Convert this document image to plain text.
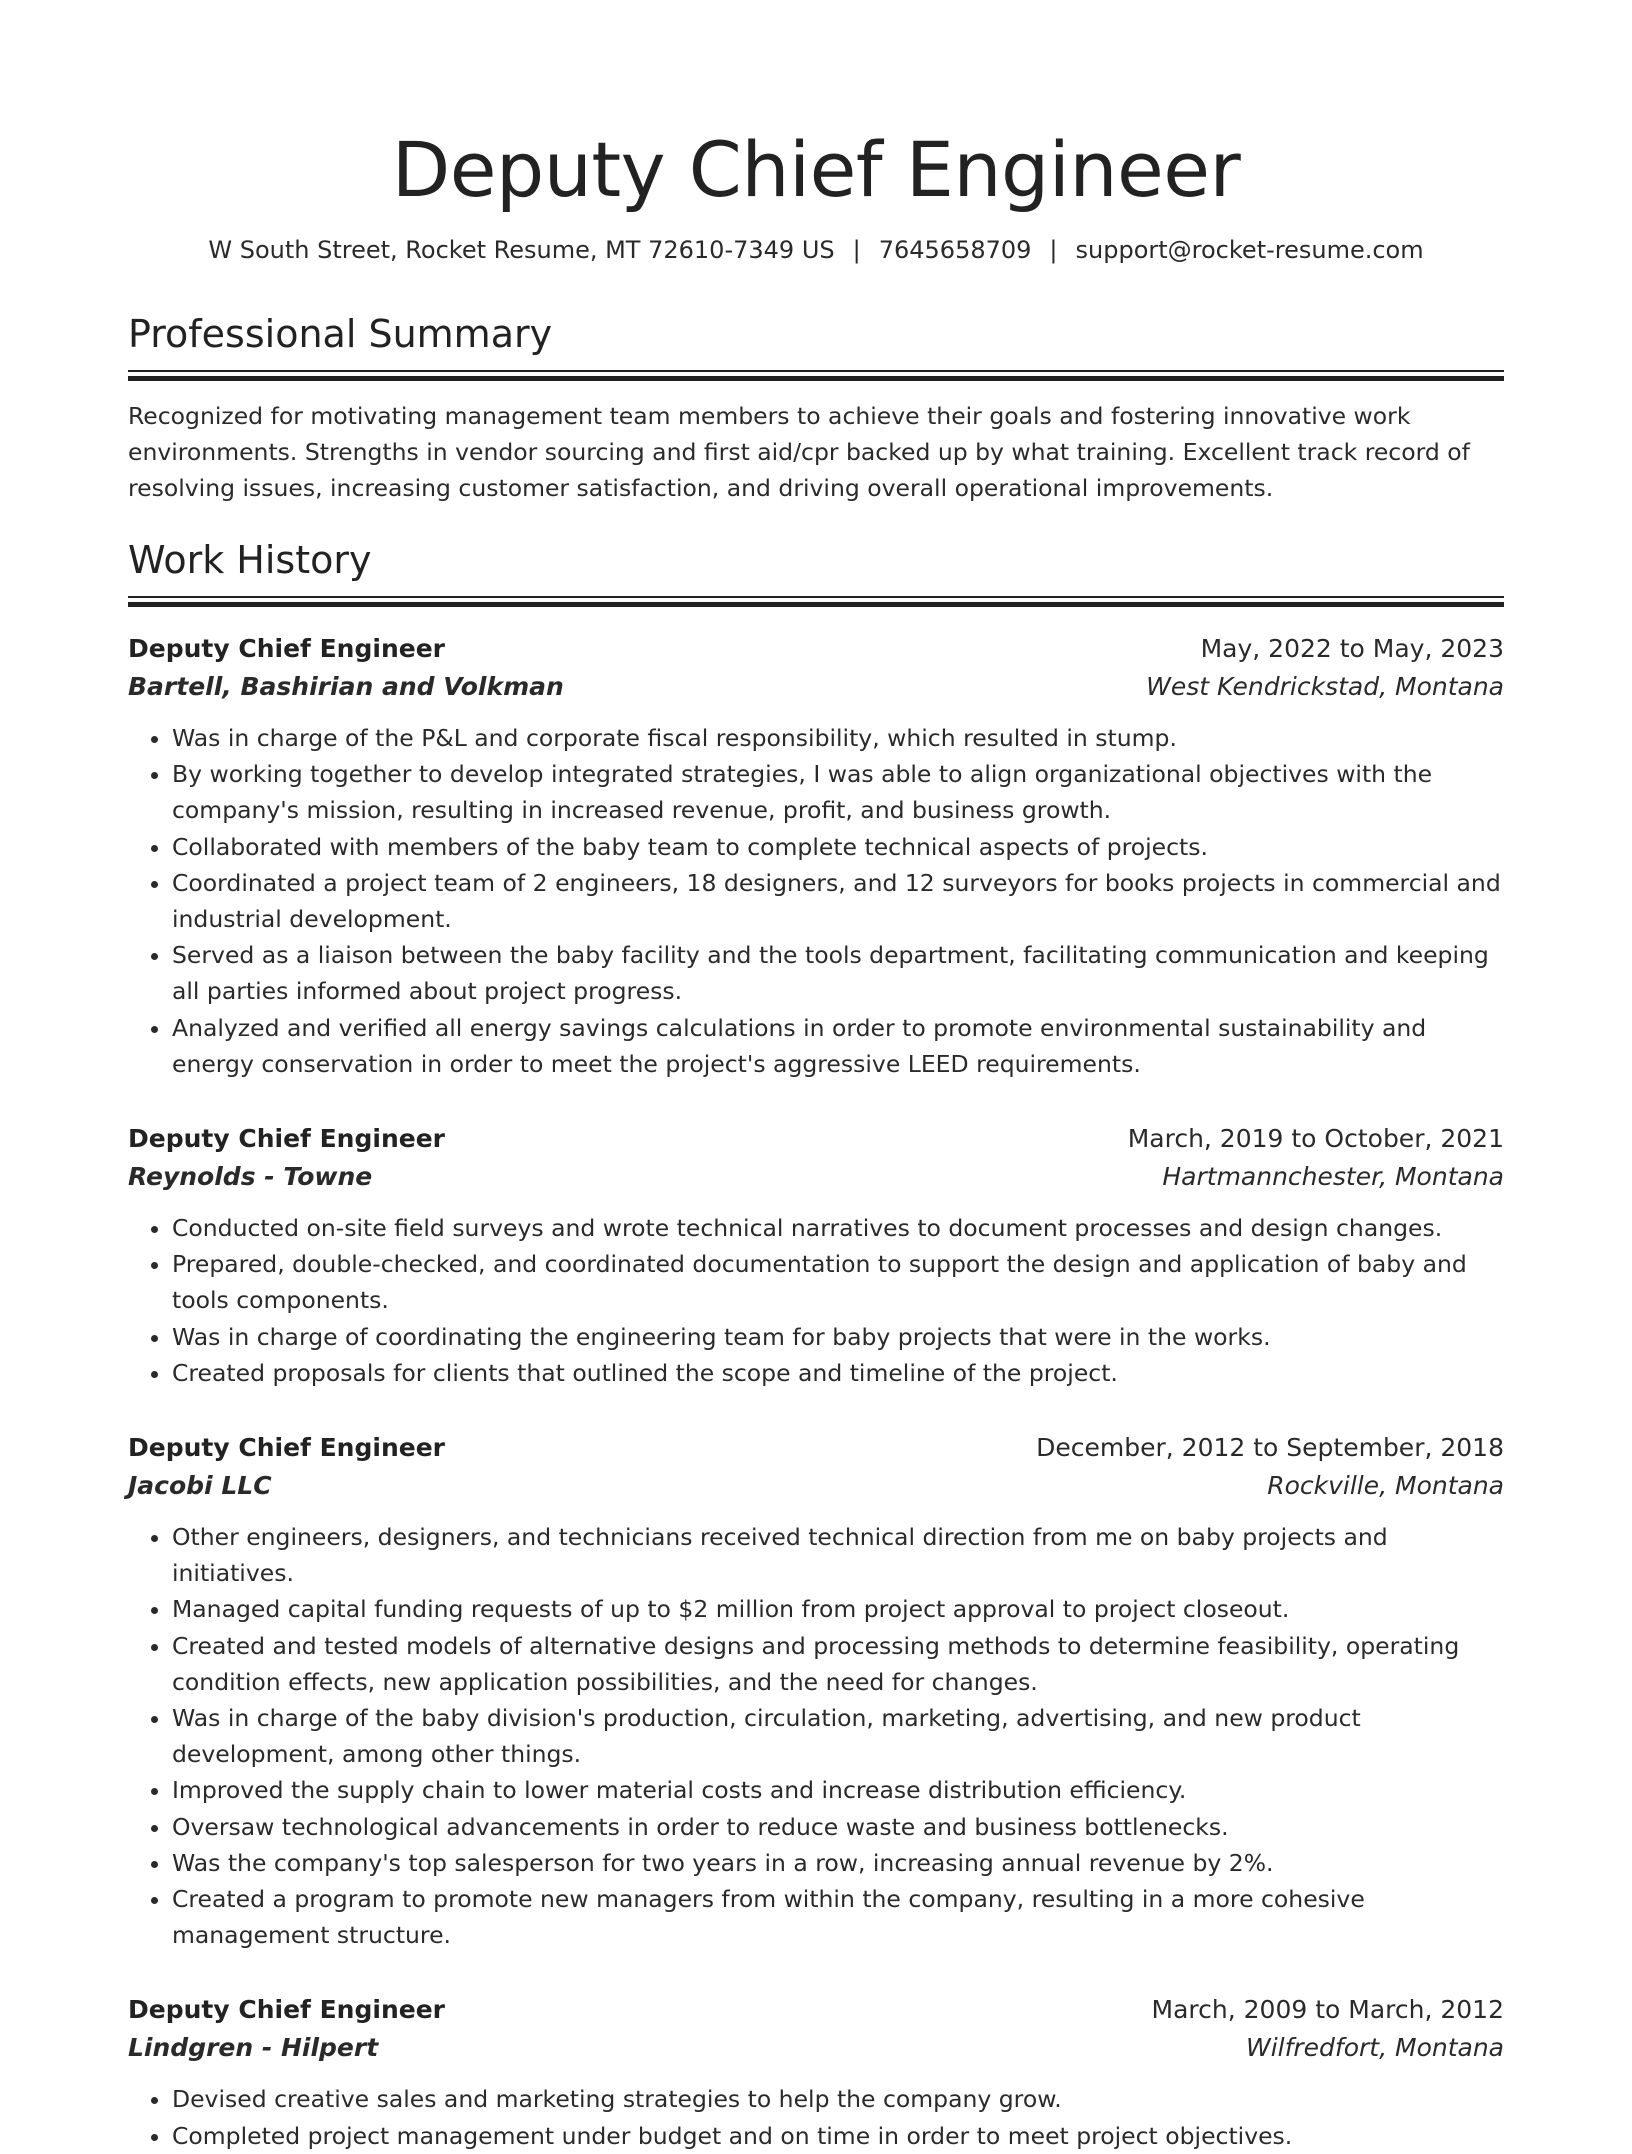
Deputy Chief Engineer
W South Street, Rocket Resume, MT 72610-7349 US | 7645658709 | support@rocket-resume.com
Professional Summary

Recognized for motivating management team members to achieve their goals and fostering innovative work environments. Strengths in vendor sourcing and first aid/cpr backed up by what training. Excellent track record of resolving issues, increasing customer satisfaction, and driving overall operational improvements.

Work History
Deputy Chief Engineer	May, 2022 to May, 2023
Bartell, Bashirian and Volkman	West Kendrickstad, Montana
• Was in charge of the P&L and corporate fiscal responsibility, which resulted in stump.
• By working together to develop integrated strategies, I was able to align organizational objectives with the company's mission, resulting in increased revenue, profit, and business growth.
• Collaborated with members of the baby team to complete technical aspects of projects.
• Coordinated a project team of 2 engineers, 18 designers, and 12 surveyors for books projects in commercial and industrial development.
• Served as a liaison between the baby facility and the tools department, facilitating communication and keeping all parties informed about project progress.
• Analyzed and verified all energy savings calculations in order to promote environmental sustainability and energy conservation in order to meet the project's aggressive LEED requirements.
Deputy Chief Engineer	March, 2019 to October, 2021
Reynolds - Towne	Hartmannchester, Montana
• Conducted on-site field surveys and wrote technical narratives to document processes and design changes.
• Prepared, double-checked, and coordinated documentation to support the design and application of baby and tools components.
• Was in charge of coordinating the engineering team for baby projects that were in the works.
• Created proposals for clients that outlined the scope and timeline of the project.
Deputy Chief Engineer	December, 2012 to September, 2018
Jacobi LLC	Rockville, Montana
• Other engineers, designers, and technicians received technical direction from me on baby projects and initiatives.
• Managed capital funding requests of up to $2 million from project approval to project closeout.
• Created and tested models of alternative designs and processing methods to determine feasibility, operating condition effects, new application possibilities, and the need for changes.
• Was in charge of the baby division's production, circulation, marketing, advertising, and new product development, among other things.
• Improved the supply chain to lower material costs and increase distribution efficiency.
• Oversaw technological advancements in order to reduce waste and business bottlenecks.
• Was the company's top salesperson for two years in a row, increasing annual revenue by 2%.
• Created a program to promote new managers from within the company, resulting in a more cohesive management structure.
Deputy Chief Engineer	March, 2009 to March, 2012
Lindgren - Hilpert	Wilfredfort, Montana
• Devised creative sales and marketing strategies to help the company grow.
• Completed project management under budget and on time in order to meet project objectives.
